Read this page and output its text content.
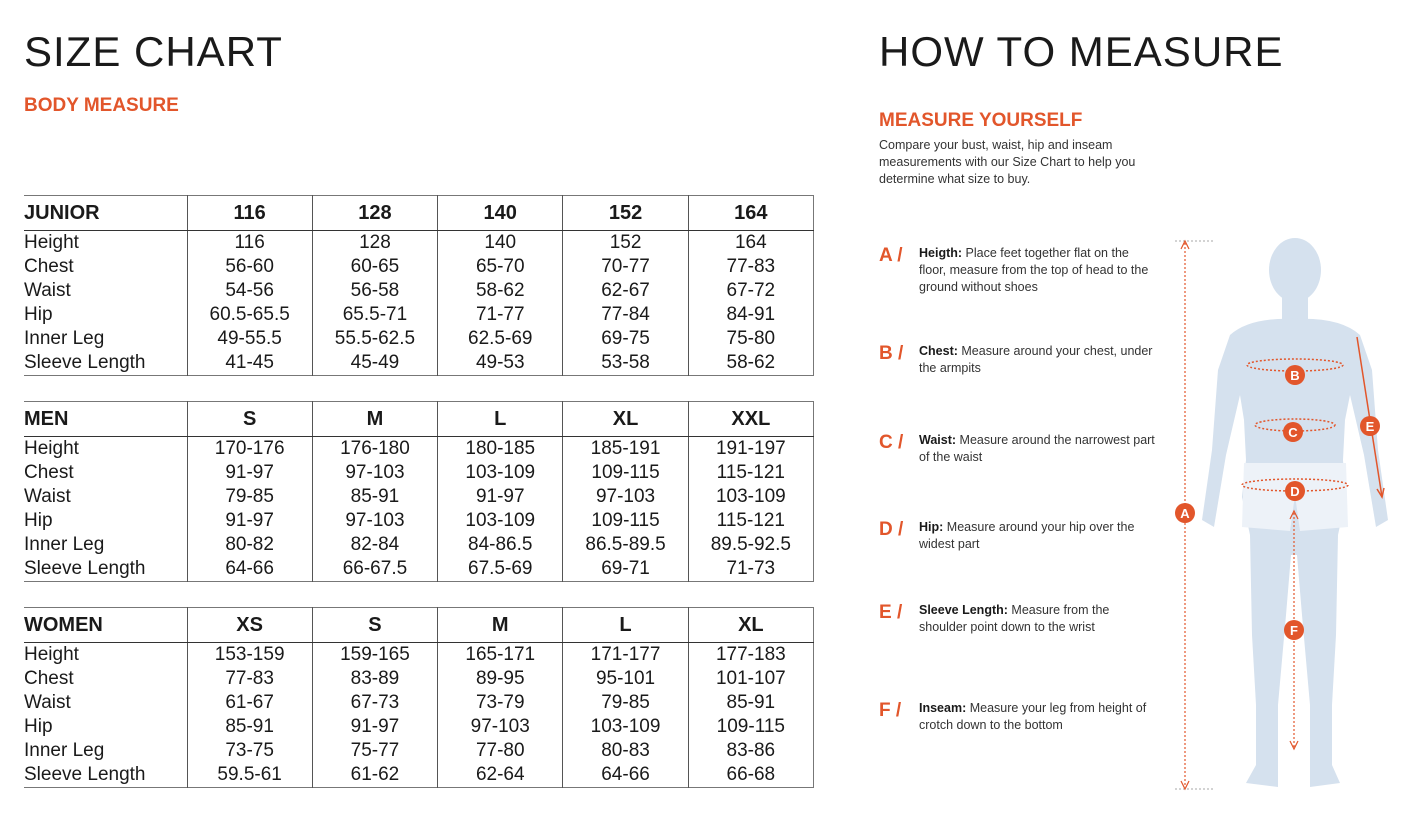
SIZE CHART
BODY MEASURE
JUNIOR	116	128	140	152	164
Height	116	128	140	152	164
Chest	56-60	60-65	65-70	70-77	77-83
Waist	54-56	56-58	58-62	62-67	67-72
Hip	60.5-65.5	65.5-71	71-77	77-84	84-91
Inner Leg	49-55.5	55.5-62.5	62.5-69	69-75	75-80
Sleeve Length	41-45	45-49	49-53	53-58	58-62
MEN	S	M	L	XL	XXL
Height	170-176	176-180	180-185	185-191	191-197
Chest	91-97	97-103	103-109	109-115	115-121
Waist	79-85	85-91	91-97	97-103	103-109
Hip	91-97	97-103	103-109	109-115	115-121
Inner Leg	80-82	82-84	84-86.5	86.5-89.5	89.5-92.5
Sleeve Length	64-66	66-67.5	67.5-69	69-71	71-73
WOMEN	XS	S	M	L	XL
Height	153-159	159-165	165-171	171-177	177-183
Chest	77-83	83-89	89-95	95-101	101-107
Waist	61-67	67-73	73-79	79-85	85-91
Hip	85-91	91-97	97-103	103-109	109-115
Inner Leg	73-75	75-77	77-80	80-83	83-86
Sleeve Length	59.5-61	61-62	62-64	64-66	66-68
HOW TO MEASURE
MEASURE YOURSELF
Compare your bust, waist, hip and inseam measurements with our Size Chart to help you determine what size to buy.
A / Heigth: Place feet together flat on the floor, measure from the top of head to the ground without shoes
B / Chest: Measure around your chest, under the armpits
C / Waist: Measure around the narrowest part of the waist
D / Hip: Measure around your hip over the widest part
E / Sleeve Length: Measure from the shoulder point down to the wrist
F / Inseam: Measure your leg from height of crotch down to the bottom
A
B
C
D
E
F
